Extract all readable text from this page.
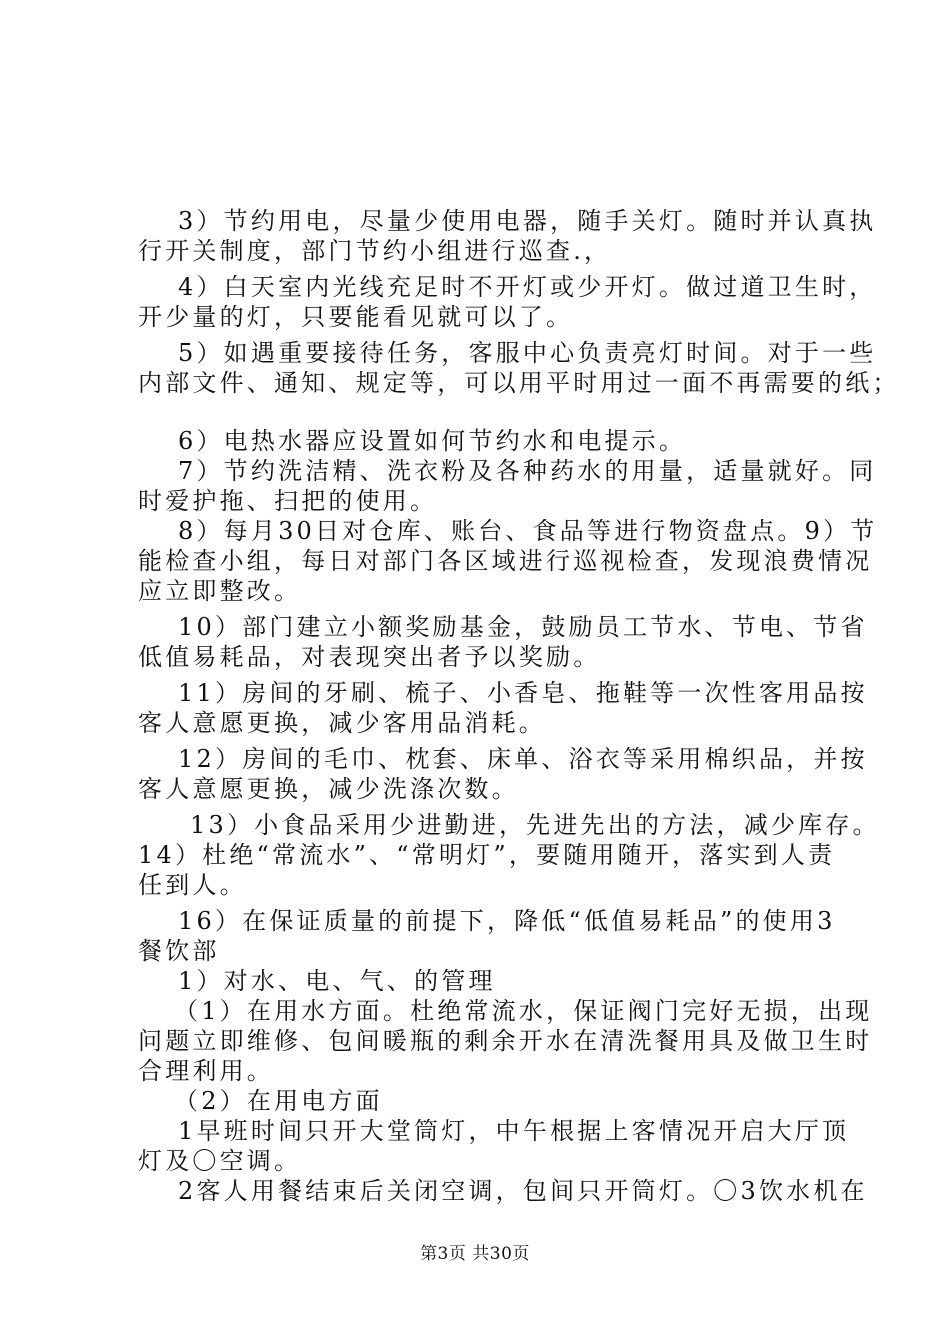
3）节约用电，尽量少使用电器，随手关灯。随时并认真执
行开关制度，部门节约小组进行巡查.，
4）白天室内光线充足时不开灯或少开灯。做过道卫生时，
开少量的灯，只要能看见就可以了。
5）如遇重要接待任务，客服中心负责亮灯时间。对于一些
内部文件、通知、规定等，可以用平时用过一面不再需要的纸；
6）电热水器应设置如何节约水和电提示。
7）节约洗洁精、洗衣粉及各种药水的用量，适量就好。同
时爱护拖、扫把的使用。
8）每月30日对仓库、账台、食品等进行物资盘点。9）节
能检查小组，每日对部门各区域进行巡视检查，发现浪费情况
应立即整改。
10）部门建立小额奖励基金，鼓励员工节水、节电、节省
低值易耗品，对表现突出者予以奖励。
11）房间的牙刷、梳子、小香皂、拖鞋等一次性客用品按
客人意愿更换，减少客用品消耗。
12）房间的毛巾、枕套、床单、浴衣等采用棉织品，并按
客人意愿更换，减少洗涤次数。
13）小食品采用少进勤进，先进先出的方法，减少库存。
14）杜绝“常流水”、“常明灯”，要随用随开，落实到人责
任到人。
16）在保证质量的前提下，降低“低值易耗品”的使用3
餐饮部
1）对水、电、气、的管理
（1）在用水方面。杜绝常流水，保证阀门完好无损，出现
问题立即维修、包间暖瓶的剩余开水在清洗餐用具及做卫生时
合理利用。
（2）在用电方面
1早班时间只开大堂筒灯，中午根据上客情况开启大厅顶
灯及〇空调。
2客人用餐结束后关闭空调，包间只开筒灯。〇3饮水机在
第3页 共30页
